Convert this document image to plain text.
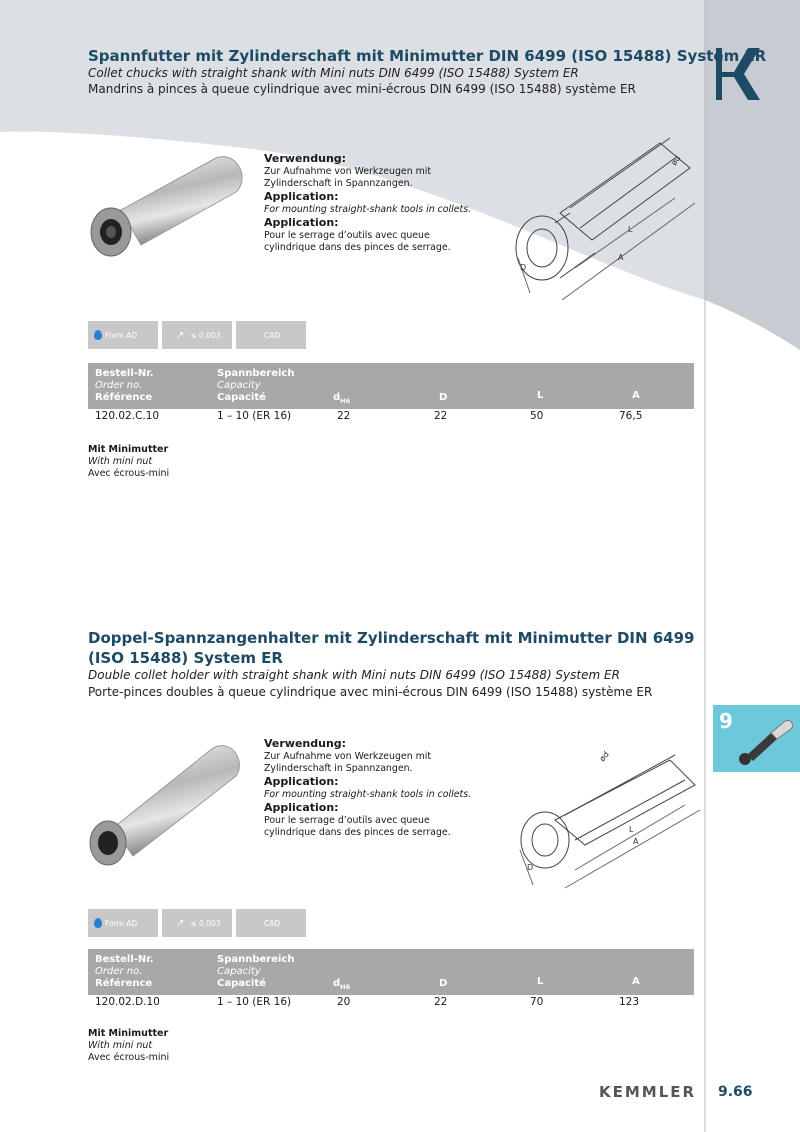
Spannfutter mit Zylinderschaft mit Minimutter DIN 6499 (ISO 15488) System ER
Collet chucks with straight shank with Mini nuts DIN 6499 (ISO 15488) System ER
Mandrins à pinces à queue cylindrique avec mini-écrous DIN 6499 (ISO 15488) système ER
Verwendung:
Zur Aufnahme von Werkzeugen mit
Zylinderschaft in Spannzangen.
Application:
For mounting straight-shank tools in collets.
Application:
Pour le serrage d’outils avec queue
cylindrique dans des pinces de serrage.
ød
L
A
D
Form AD	↗ ≤ 0,003	CAD
Bestell-Nr.
Order no.
Référence
Spannbereich
Capacity
Capacité	$d_{H6}$	D	L	A
120.02.C.10	1 – 10 (ER 16)	22	22	50	76,5
Mit Minimutter
With mini nut
Avec écrous-mini
Doppel-Spannzangenhalter mit Zylinderschaft mit Minimutter DIN 6499
(ISO 15488) System ER
Double collet holder with straight shank with Mini nuts DIN 6499 (ISO 15488) System ER
Porte-pinces doubles à queue cylindrique avec mini-écrous DIN 6499 (ISO 15488) système ER
9
Verwendung:
Zur Aufnahme von Werkzeugen mit
Zylinderschaft in Spannzangen.
Application:
For mounting straight-shank tools in collets.
Application:
Pour le serrage d’outils avec queue
cylindrique dans des pinces de serrage.
ød
L
A
D
Form AD	↗ ≤ 0,003	CAD
Bestell-Nr.
Order no.
Référence
Spannbereich
Capacity
Capacité	$d_{H6}$	D	L	A
120.02.D.10	1 – 10 (ER 16)	20	22	70	123
Mit Minimutter
With mini nut
Avec écrous-mini
KEMMLER 9.66
